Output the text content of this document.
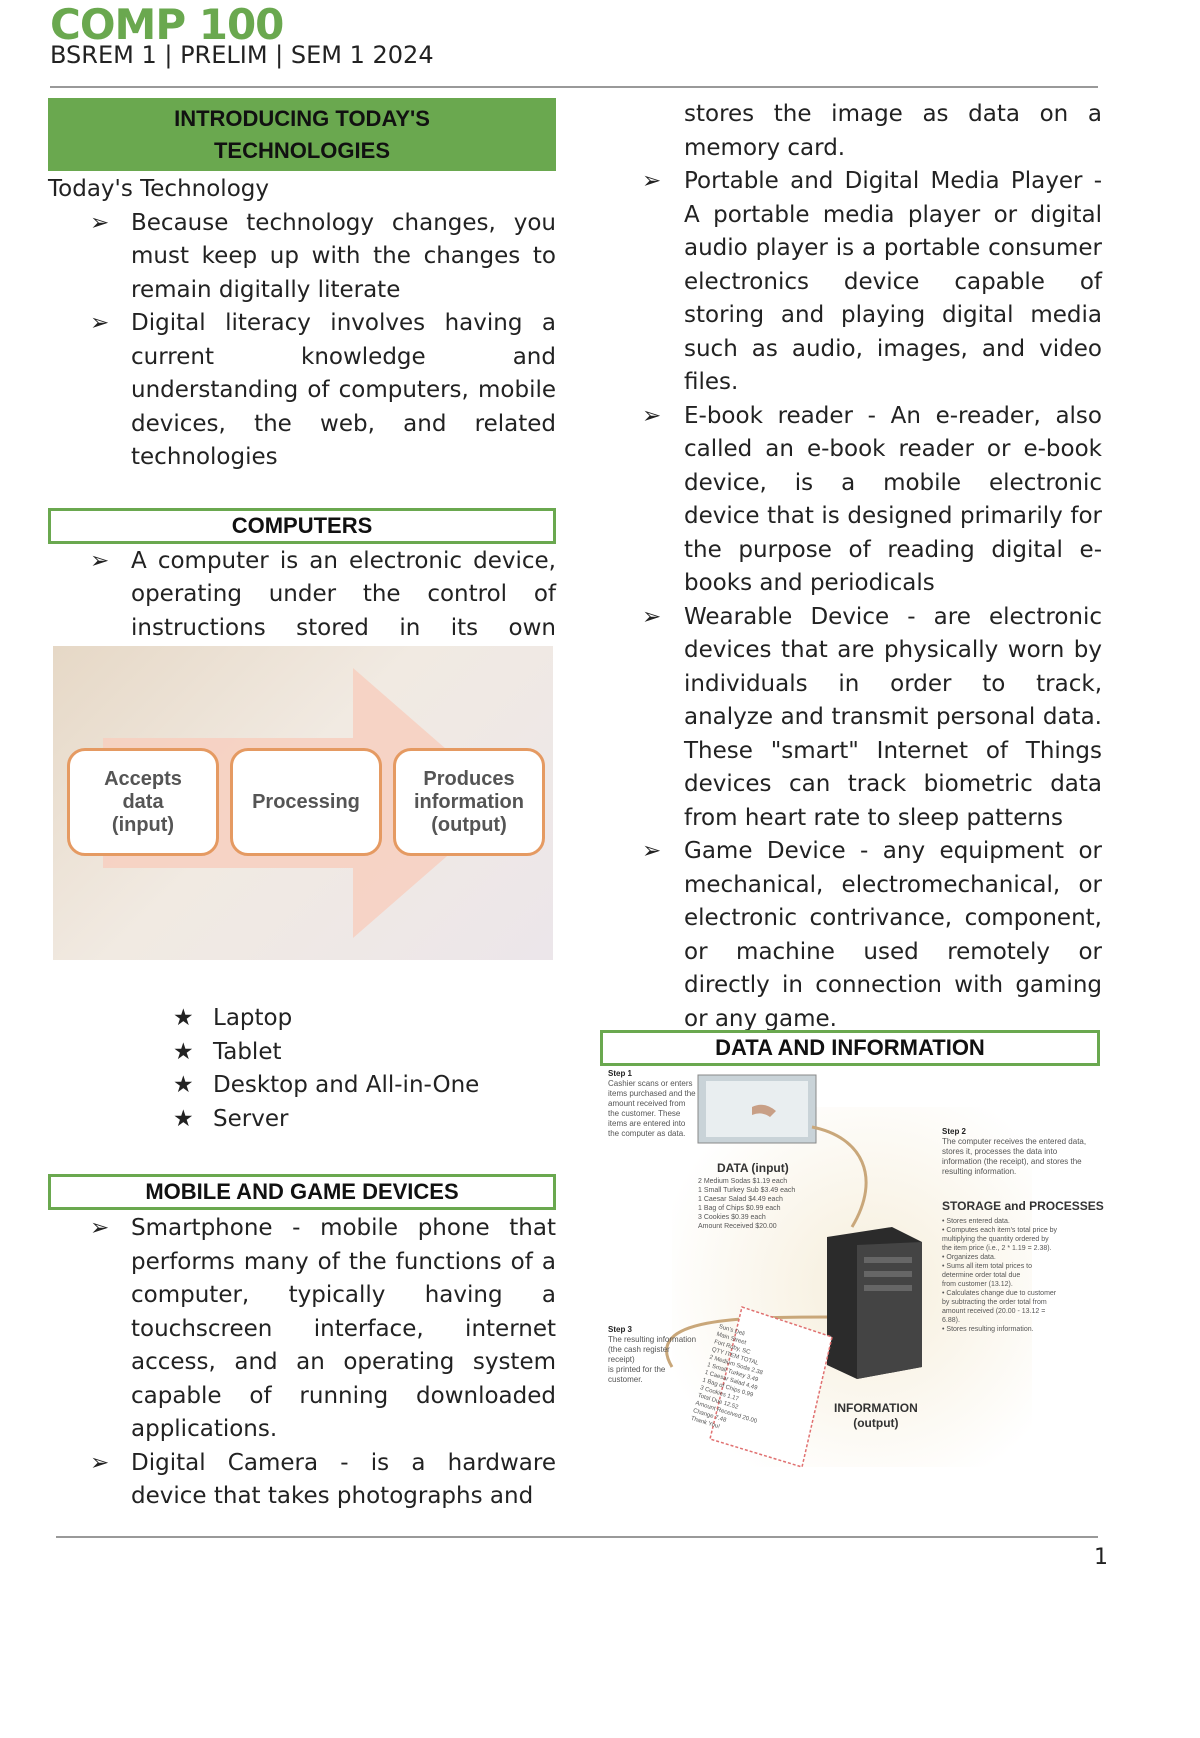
COMP 100
BSREM 1 | PRELIM | SEM 1 2024
INTRODUCING TODAY'S TECHNOLOGIES
Today's Technology
➢ Because technology changes, you must keep up with the changes to remain digitally literate
➢ Digital literacy involves having a current knowledge and understanding of computers, mobile devices, the web, and related technologies
COMPUTERS
➢ A computer is an electronic device, operating under the control of instructions stored in its own
Accepts
data
(input)
Processing
Produces
information
(output)
★ Laptop
★ Tablet
★ Desktop and All-in-One
★ Server
MOBILE AND GAME DEVICES
➢ Smartphone - mobile phone that performs many of the functions of a computer, typically having a touchscreen interface, internet access, and an operating system capable of running downloaded applications.
➢ Digital Camera - is a hardware device that takes photographs and
stores the image as data on a memory card.
➢ Portable and Digital Media Player - A portable media player or digital audio player is a portable consumer electronics device capable of storing and playing digital media such as audio, images, and video files.
➢ E-book reader - An e-reader, also called an e-book reader or e-book device, is a mobile electronic device that is designed primarily for the purpose of reading digital e-books and periodicals
➢ Wearable Device - are electronic devices that are physically worn by individuals in order to track, analyze and transmit personal data. These "smart" Internet of Things devices can track biometric data from heart rate to sleep patterns
➢ Game Device - any equipment or mechanical, electromechanical, or electronic contrivance, component, or machine used remotely or directly in connection with gaming or any game.
DATA AND INFORMATION
Step 1
Cashier scans or enters
items purchased and the
amount received from
the customer. These
items are entered into
the computer as data.
DATA (input)
2 Medium Sodas $1.19 each
1 Small Turkey Sub $3.49 each
1 Caesar Salad $4.49 each
1 Bag of Chips $0.99 each
3 Cookies $0.39 each
Amount Received $20.00
Step 2
The computer receives the entered data,
stores it, processes the data into
information (the receipt), and stores the
resulting information.
STORAGE and PROCESSES
• Stores entered data.
• Computes each item's total price by
multiplying the quantity ordered by
the item price (i.e., 2 * 1.19 = 2.38).
• Organizes data.
• Sums all item total prices to
determine order total due
from customer (13.12).
• Calculates change due to customer
by subtracting the order total from
amount received (20.00 - 13.12 =
6.88).
• Stores resulting information.
Step 3
The resulting information
(the cash register receipt)
is printed for the
customer.
INFORMATION
(output)
Sun's Deli
Main Street
Fort Ruby, SC
QTY ITEM TOTAL
2 Medium Soda 2.38
1 Small Turkey 3.49
1 Caesar Salad 4.49
1 Bag of Chips 0.99
3 Cookies 1.17
Total Due 12.52
Amount Received 20.00
Change 7.48
Thank You!
1
